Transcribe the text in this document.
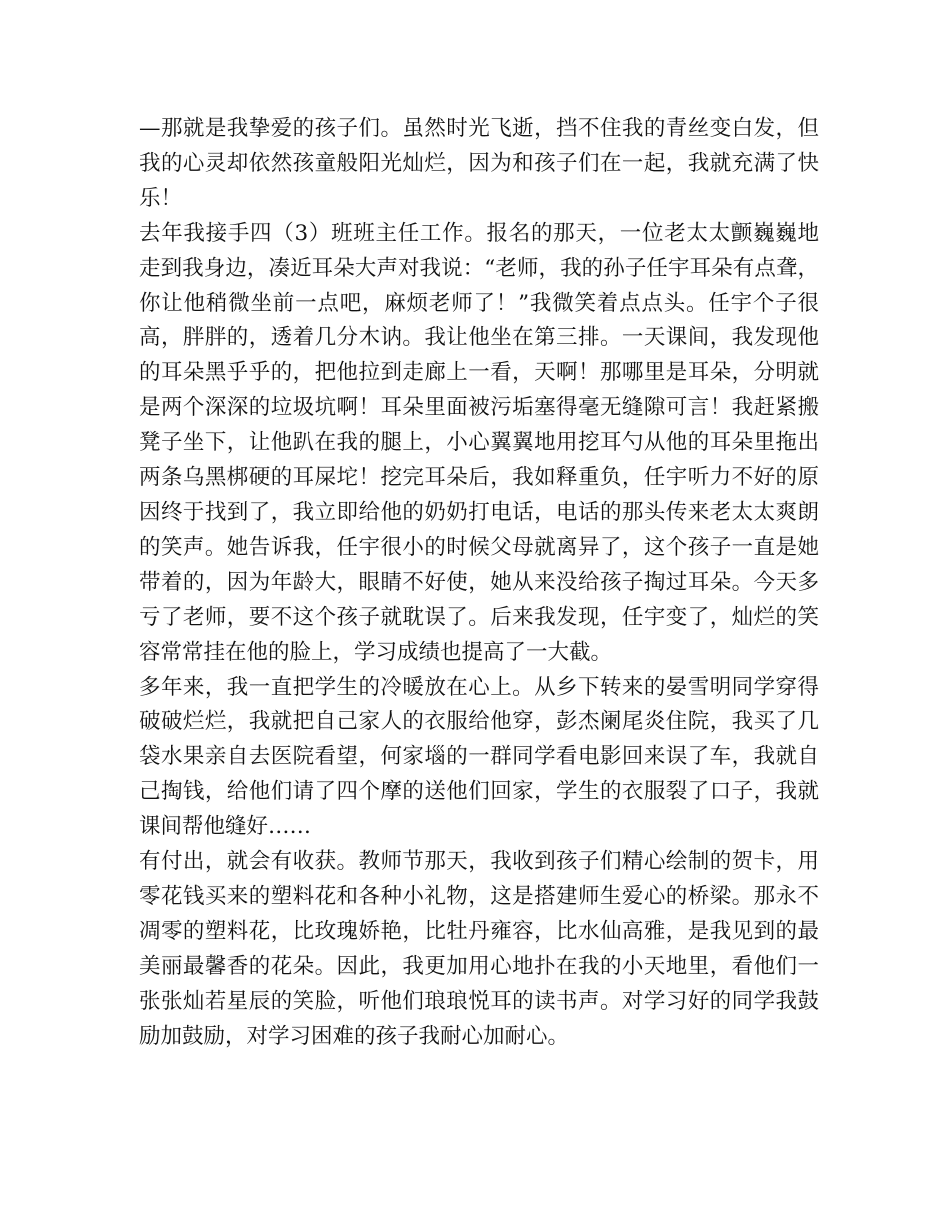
—那就是我挚爱的孩子们。虽然时光飞逝，挡不住我的青丝变白发，但我的心灵却依然孩童般阳光灿烂，因为和孩子们在一起，我就充满了快乐！

去年我接手四（3）班班主任工作。报名的那天，一位老太太颤巍巍地走到我身边，凑近耳朵大声对我说：“老师，我的孙子任宇耳朵有点聋，你让他稍微坐前一点吧，麻烦老师了！”我微笑着点点头。任宇个子很高，胖胖的，透着几分木讷。我让他坐在第三排。一天课间，我发现他的耳朵黑乎乎的，把他拉到走廊上一看，天啊！那哪里是耳朵，分明就是两个深深的垃圾坑啊！耳朵里面被污垢塞得毫无缝隙可言！我赶紧搬凳子坐下，让他趴在我的腿上，小心翼翼地用挖耳勺从他的耳朵里拖出两条乌黑梆硬的耳屎坨！挖完耳朵后，我如释重负，任宇听力不好的原因终于找到了，我立即给他的奶奶打电话，电话的那头传来老太太爽朗的笑声。她告诉我，任宇很小的时候父母就离异了，这个孩子一直是她带着的，因为年龄大，眼睛不好使，她从来没给孩子掏过耳朵。今天多亏了老师，要不这个孩子就耽误了。后来我发现，任宇变了，灿烂的笑容常常挂在他的脸上，学习成绩也提高了一大截。

多年来，我一直把学生的冷暖放在心上。从乡下转来的晏雪明同学穿得破破烂烂，我就把自己家人的衣服给他穿，彭杰阑尾炎住院，我买了几袋水果亲自去医院看望，何家堖的一群同学看电影回来误了车，我就自己掏钱，给他们请了四个摩的送他们回家，学生的衣服裂了口子，我就课间帮他缝好……

有付出，就会有收获。教师节那天，我收到孩子们精心绘制的贺卡，用零花钱买来的塑料花和各种小礼物，这是搭建师生爱心的桥梁。那永不凋零的塑料花，比玫瑰娇艳，比牡丹雍容，比水仙高雅，是我见到的最美丽最馨香的花朵。因此，我更加用心地扑在我的小天地里，看他们一张张灿若星辰的笑脸，听他们琅琅悦耳的读书声。对学习好的同学我鼓励加鼓励，对学习困难的孩子我耐心加耐心。
